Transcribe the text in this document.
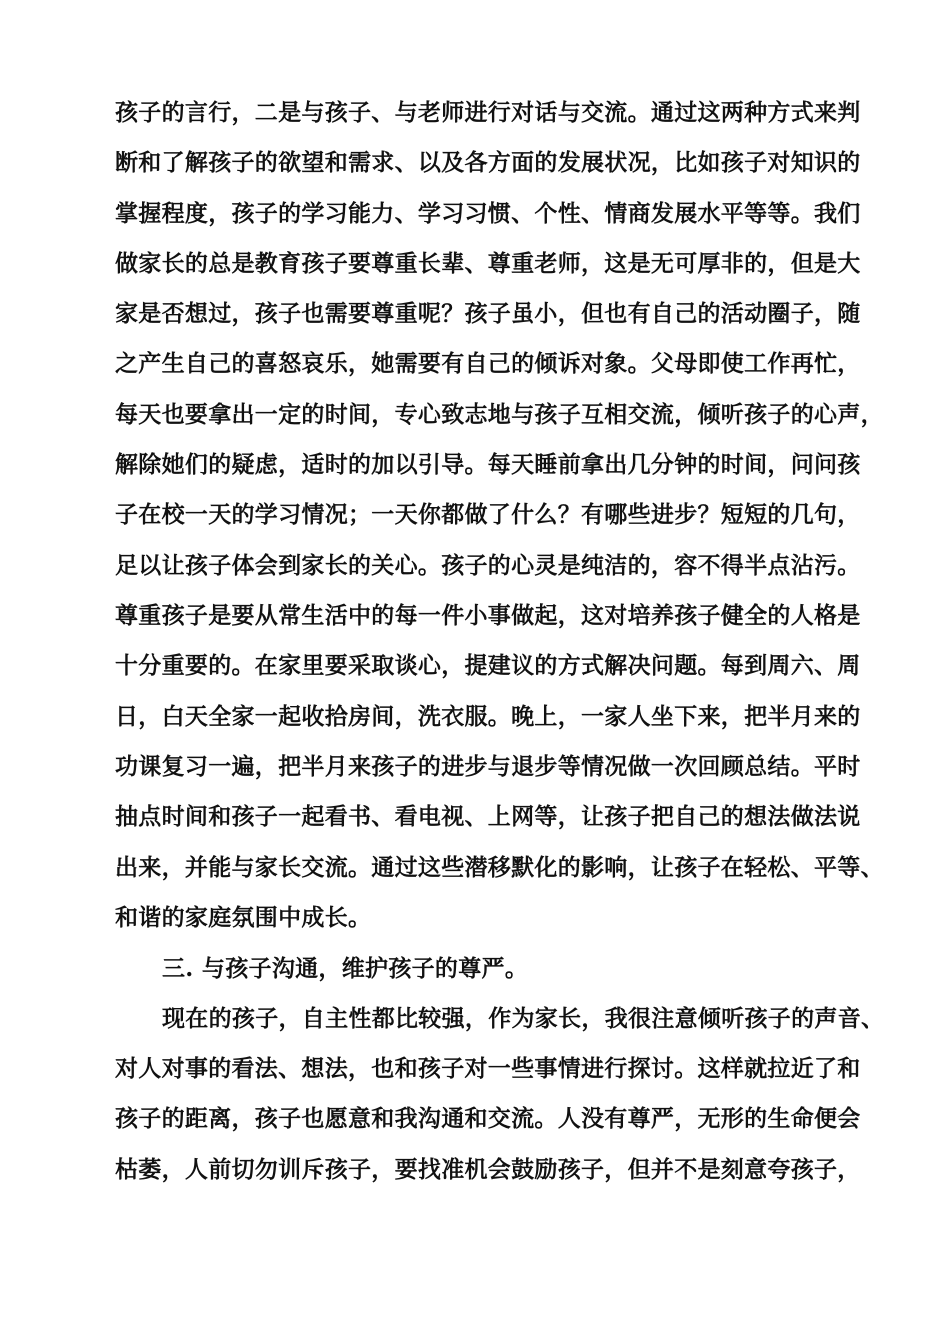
孩子的言行，二是与孩子、与老师进行对话与交流。通过这两种方式来判
断和了解孩子的欲望和需求、以及各方面的发展状况，比如孩子对知识的
掌握程度，孩子的学习能力、学习习惯、个性、情商发展水平等等。我们
做家长的总是教育孩子要尊重长辈、尊重老师，这是无可厚非的，但是大
家是否想过，孩子也需要尊重呢？孩子虽小，但也有自己的活动圈子，随
之产生自己的喜怒哀乐，她需要有自己的倾诉对象。父母即使工作再忙，
每天也要拿出一定的时间，专心致志地与孩子互相交流，倾听孩子的心声，
解除她们的疑虑，适时的加以引导。每天睡前拿出几分钟的时间，问问孩
子在校一天的学习情况；一天你都做了什么？有哪些进步？短短的几句，
足以让孩子体会到家长的关心。孩子的心灵是纯洁的，容不得半点沾污。
尊重孩子是要从常生活中的每一件小事做起，这对培养孩子健全的人格是
十分重要的。在家里要采取谈心，提建议的方式解决问题。每到周六、周
日，白天全家一起收拾房间，洗衣服。晚上，一家人坐下来，把半月来的
功课复习一遍，把半月来孩子的进步与退步等情况做一次回顾总结。平时
抽点时间和孩子一起看书、看电视、上网等，让孩子把自己的想法做法说
出来，并能与家长交流。通过这些潜移默化的影响，让孩子在轻松、平等、
和谐的家庭氛围中成长。
三. 与孩子沟通，维护孩子的尊严。
现在的孩子，自主性都比较强，作为家长，我很注意倾听孩子的声音、
对人对事的看法、想法，也和孩子对一些事情进行探讨。这样就拉近了和
孩子的距离，孩子也愿意和我沟通和交流。人没有尊严，无形的生命便会
枯萎，人前切勿训斥孩子，要找准机会鼓励孩子，但并不是刻意夸孩子，
